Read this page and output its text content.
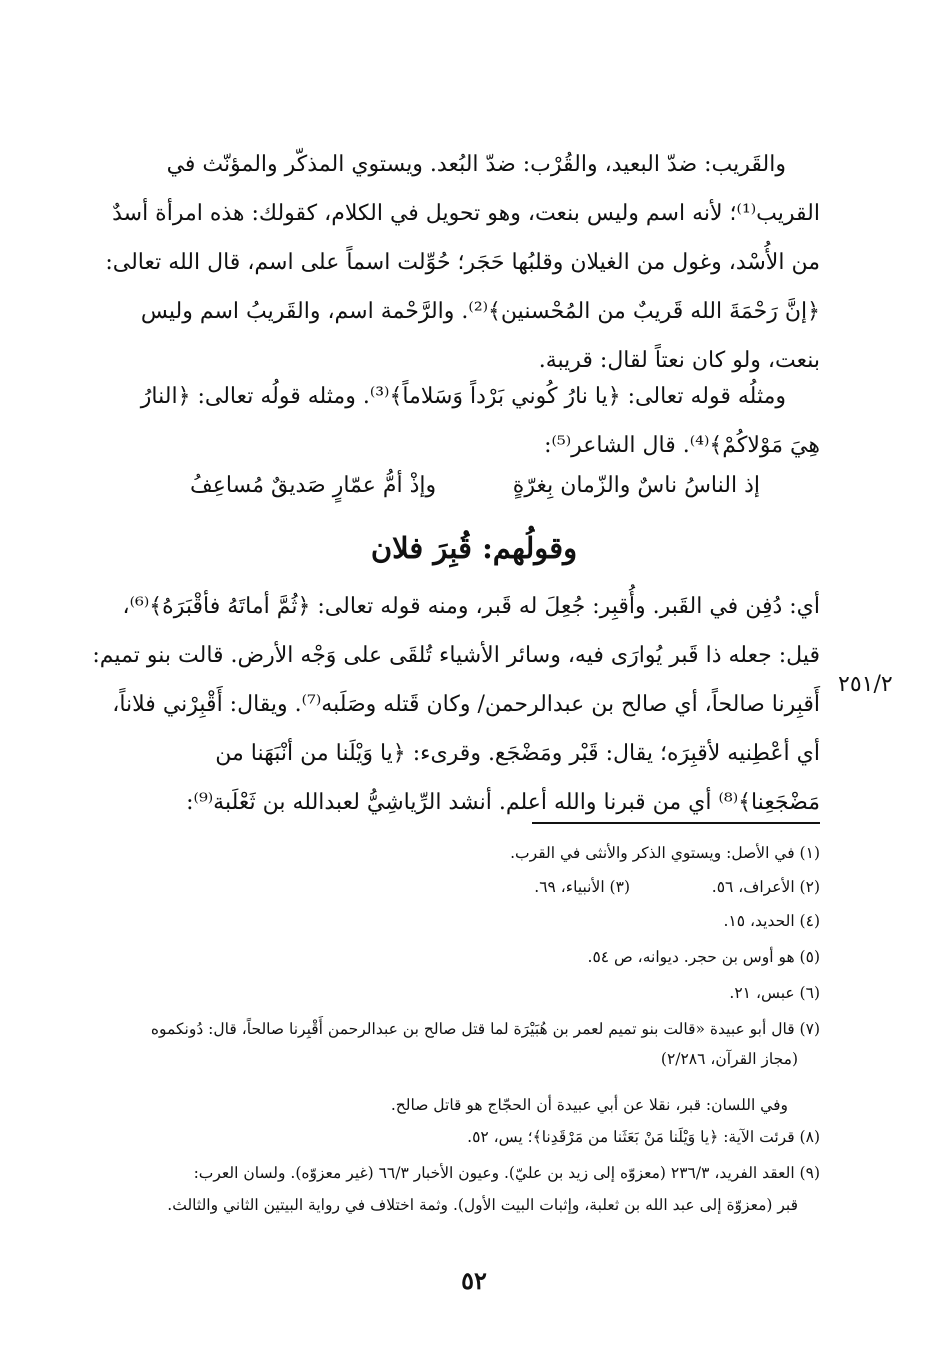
والقَريب: ضدّ البعيد، والقُرْب: ضدّ البُعد. ويستوي المذكّر والمؤنّث في
القريب⁽¹⁾؛ لأنه اسم وليس بنعت، وهو تحويل في الكلام، كقولك: هذه امرأة أسدٌ
من الأُسْد، وغول من الغيلان وقلبُها حَجَر؛ حُوِّلت اسماً على اسم، قال الله تعالى:
﴿إنَّ رَحْمَةَ الله قَريبٌ من المُحْسنين﴾⁽²⁾. والرَّحْمة اسم، والقَريبُ اسم وليس
بنعت، ولو كان نعتاً لقال: قريبة.
ومثلُه قوله تعالى: ﴿يا نارُ كُوني بَرْداً وَسَلاماً﴾⁽³⁾. ومثله قولُه تعالى: ﴿النارُ
هِيَ مَوْلاكُمْ﴾⁽⁴⁾. قال الشاعر⁽⁵⁾:
إذ الناسُ ناسٌ والزّمان بِغرّةٍ
وإذْ أمُّ عمّارٍ صَديقٌ مُساعِفُ
وقولُهم: قُبِرَ فلان
أي: دُفِن في القَبر. وأُقبِر: جُعِلَ له قَبر، ومنه قوله تعالى: ﴿ثُمَّ أماتَهُ فأقْبَرَهُ﴾⁽⁶⁾،
قيل: جعله ذا قَبر يُوارَى فيه، وسائر الأشياء تُلقَى على وَجْه الأرض. قالت بنو تميم:
أَقبِرنا صالحاً، أي صالح بن عبدالرحمن/ وكان قَتله وصَلَبه⁽⁷⁾. ويقال: أَقْبِرْني فلاناً،
أي أعْطِنيه لأقبِرَه؛ يقال: قَبْر ومَضْجَع. وقرىء: ﴿يا وَيْلَنا من أنْبَهَنا من
مَضْجَعِنا﴾⁽⁸⁾ أي من قبرنا والله أعلم. أنشد الرِّياشِيُّ لعبدالله بن ثَعْلَبة⁽⁹⁾:
٢٥١/٢
(١) في الأصل: ويستوي الذكر والأنثى في القرب.
(٢) الأعراف، ٥٦.
(٣) الأنبياء، ٦٩.
(٤) الحديد، ١٥.
(٥) هو أوس بن حجر. ديوانه، ص ٥٤.
(٦) عبس، ٢١.
(٧) قال أبو عبيدة «قالت بنو تميم لعمر بن هُبَيْرَة لما قتل صالح بن عبدالرحمن أَقْبِرنا صالحاً، قال: دُونكموه
(مجاز القرآن، ٢/٢٨٦)
وفي اللسان: قبر، نقلا عن أبي عبيدة أن الحجّاج هو قاتل صالح.
(٨) قرئت الآية: ﴿يا وَيْلَنا مَنْ بَعَثَنا من مَرْقَدِنا﴾؛ يس، ٥٢.
(٩) العقد الفريد، ٢٣٦/٣ (معزوّه إلى زيد بن عليّ). وعيون الأخبار ٦٦/٣ (غير معزوّه). ولسان العرب:
قبر (معزوّة إلى عبد الله بن ثعلبة، وإثبات البيت الأول). وثمة اختلاف في رواية البيتين الثاني والثالث.
٥٢
